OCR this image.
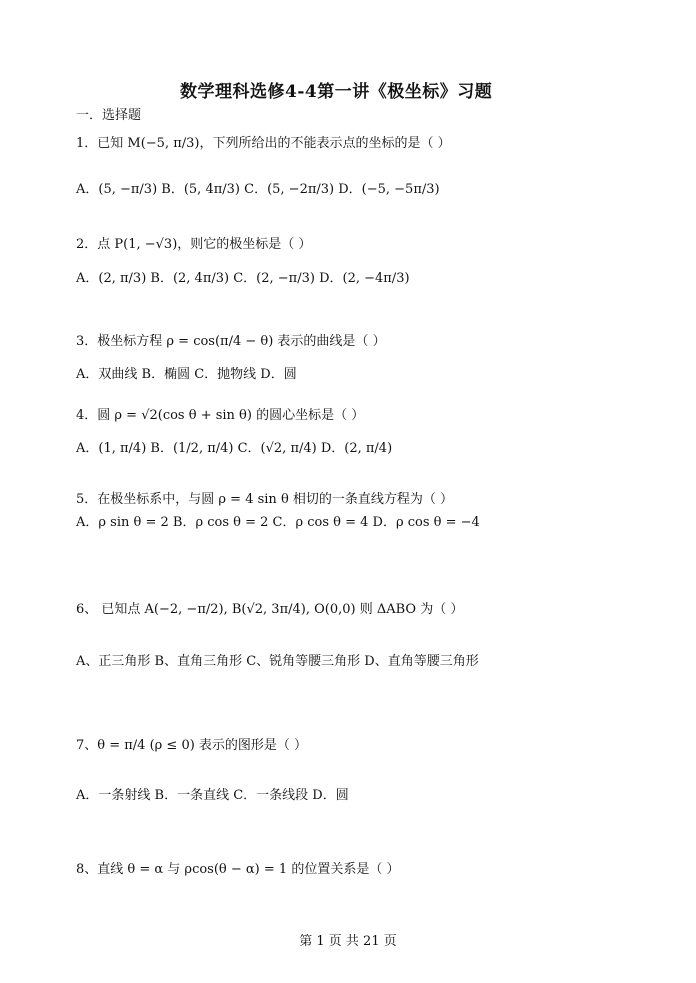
数学理科选修4-4第一讲《极坐标》习题
一．选择题
1．已知 M(−5, π/3)，下列所给出的不能表示点的坐标的是（ ）
A．(5, −π/3) B．(5, 4π/3) C．(5, −2π/3) D．(−5, −5π/3)
2．点 P(1, −√3)，则它的极坐标是（ ）
A．(2, π/3) B．(2, 4π/3) C．(2, −π/3) D．(2, −4π/3)
3．极坐标方程 ρ = cos(π/4 − θ) 表示的曲线是（ ）
A．双曲线 B．椭圆 C．抛物线 D．圆
4．圆 ρ = √2(cos θ + sin θ) 的圆心坐标是（ ）
A．(1, π/4) B．(1/2, π/4) C．(√2, π/4) D．(2, π/4)
5．在极坐标系中，与圆 ρ = 4 sin θ 相切的一条直线方程为（ ）
A．ρ sin θ = 2 B．ρ cos θ = 2 C．ρ cos θ = 4 D．ρ cos θ = −4
6、 已知点 A(−2, −π/2), B(√2, 3π/4), O(0,0) 则 ΔABO 为（ ）
A、正三角形 B、直角三角形 C、锐角等腰三角形 D、直角等腰三角形
7、θ = π/4 (ρ ≤ 0) 表示的图形是（ ）
A．一条射线 B．一条直线 C．一条线段 D．圆
8、直线 θ = α 与 ρcos(θ − α) = 1 的位置关系是（ ）
第 1 页 共 21 页
